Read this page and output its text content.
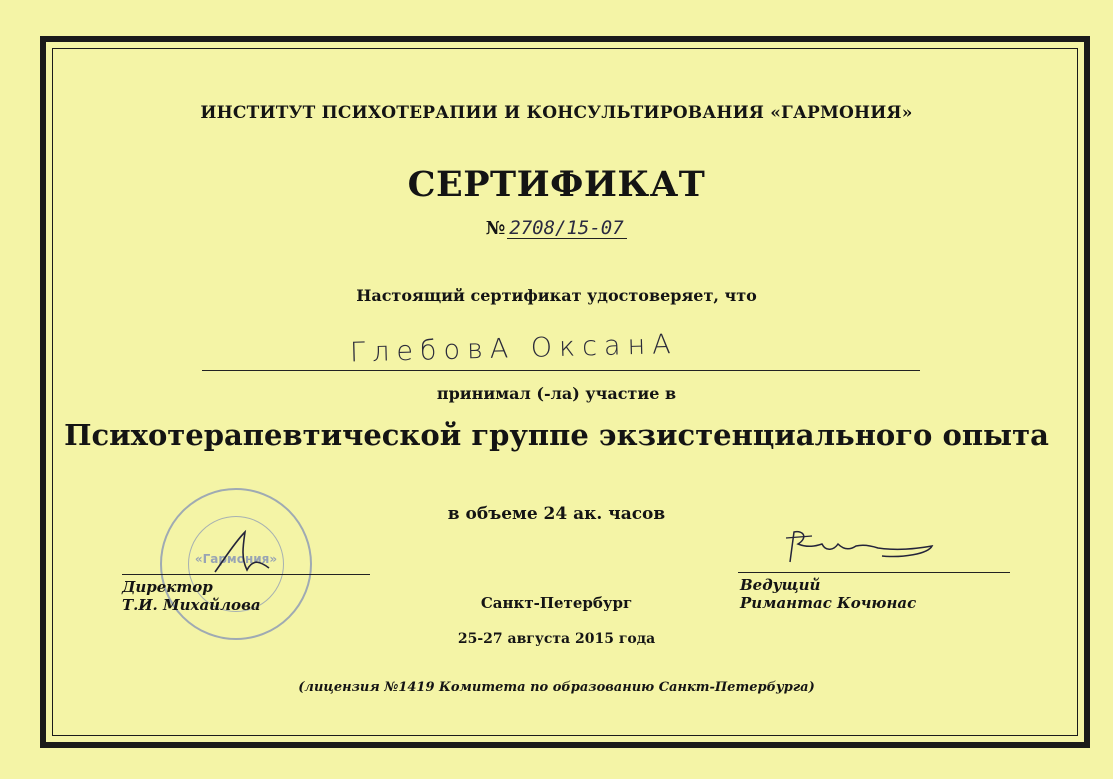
ИНСТИТУТ ПСИХОТЕРАПИИ И КОНСУЛЬТИРОВАНИЯ «ГАРМОНИЯ»
СЕРТИФИКАТ
№ 2708/15-07
Настоящий сертификат удостоверяет, что
ГлебовА ОксанА
принимал (-ла) участие в
Психотерапевтической группе экзистенциального опыта
в объеме 24 ак. часов
«Гармония»
Директор
Т.И. Михайлова
Ведущий
Римантас Кочюнас
Санкт-Петербург
25-27 августа 2015 года
(лицензия №1419 Комитета по образованию Санкт-Петербурга)
